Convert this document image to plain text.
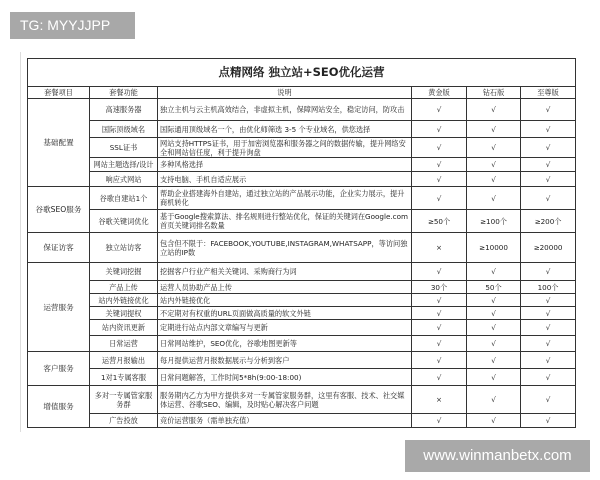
TG: MYYJJPP
点精网络 独立站+SEO优化运营					
套餐项目	套餐功能	说明	黄金版	钻石版	至尊版
基础配置	高速服务器	独立主机与云主机高效结合，非虚拟主机，保障网站安全，稳定访问，防攻击	√	√	√
	国际顶级域名	国际通用顶级域名一个，由优化师筛选 3-5 个专业域名，供您选择	√	√	√
	SSL证书	网站支持HTTPS证书，用于加密浏览器和服务器之间的数据传输，提升网络安全和网站信任度，利于提升询盘	√	√	√
	网站主题选择/设计	多种风格选择	√	√	√
	响应式网站	支持电脑、手机自适应展示	√	√	√
谷歌SEO服务	谷歌自建站1个	帮助企业搭建海外自建站，通过独立站的产品展示功能，企业实力展示，提升商机转化	√	√	√
	谷歌关键词优化	基于Google搜索算法、排名规则进行整站优化，保证的关键词在Google.com首页关键词排名数量	≥50个	≥100个	≥200个
保证访客	独立站访客	包含但不限于：FACEBOOK,YOUTUBE,INSTAGRAM,WHATSAPP，等访问独立站的IP数	×	≥10000	≥20000
运营服务	关键词挖掘	挖掘客户行业产相关关键词、采购商行为词	√	√	√
	产品上传	运营人员协助产品上传	30个	50个	100个
	站内外链接优化	站内外链接优化	√	√	√
	关键词提权	不定期对有权重的URL页面做高质量的软文外链	√	√	√
	站内资讯更新	定期进行站点内部文章编写与更新	√	√	√
	日常运营	日常网站维护，SEO优化，谷歌地图更新等	√	√	√
客户服务	运营月报输出	每月提供运营月报数据展示与分析到客户	√	√	√
	1对1专属客服	日常问题解答，工作时间5*8h(9:00-18:00)	√	√	√
增值服务	多对一专属管家服务群	服务期内乙方为甲方提供多对一专属管家服务群，这里有客服、技术、社交媒体运营、谷歌SEO、编辑，及时贴心解决客户问题	×	√	√
	广告投放	竞价运营服务（需单独充值）	√	√	√
www.winmanbetx.com
